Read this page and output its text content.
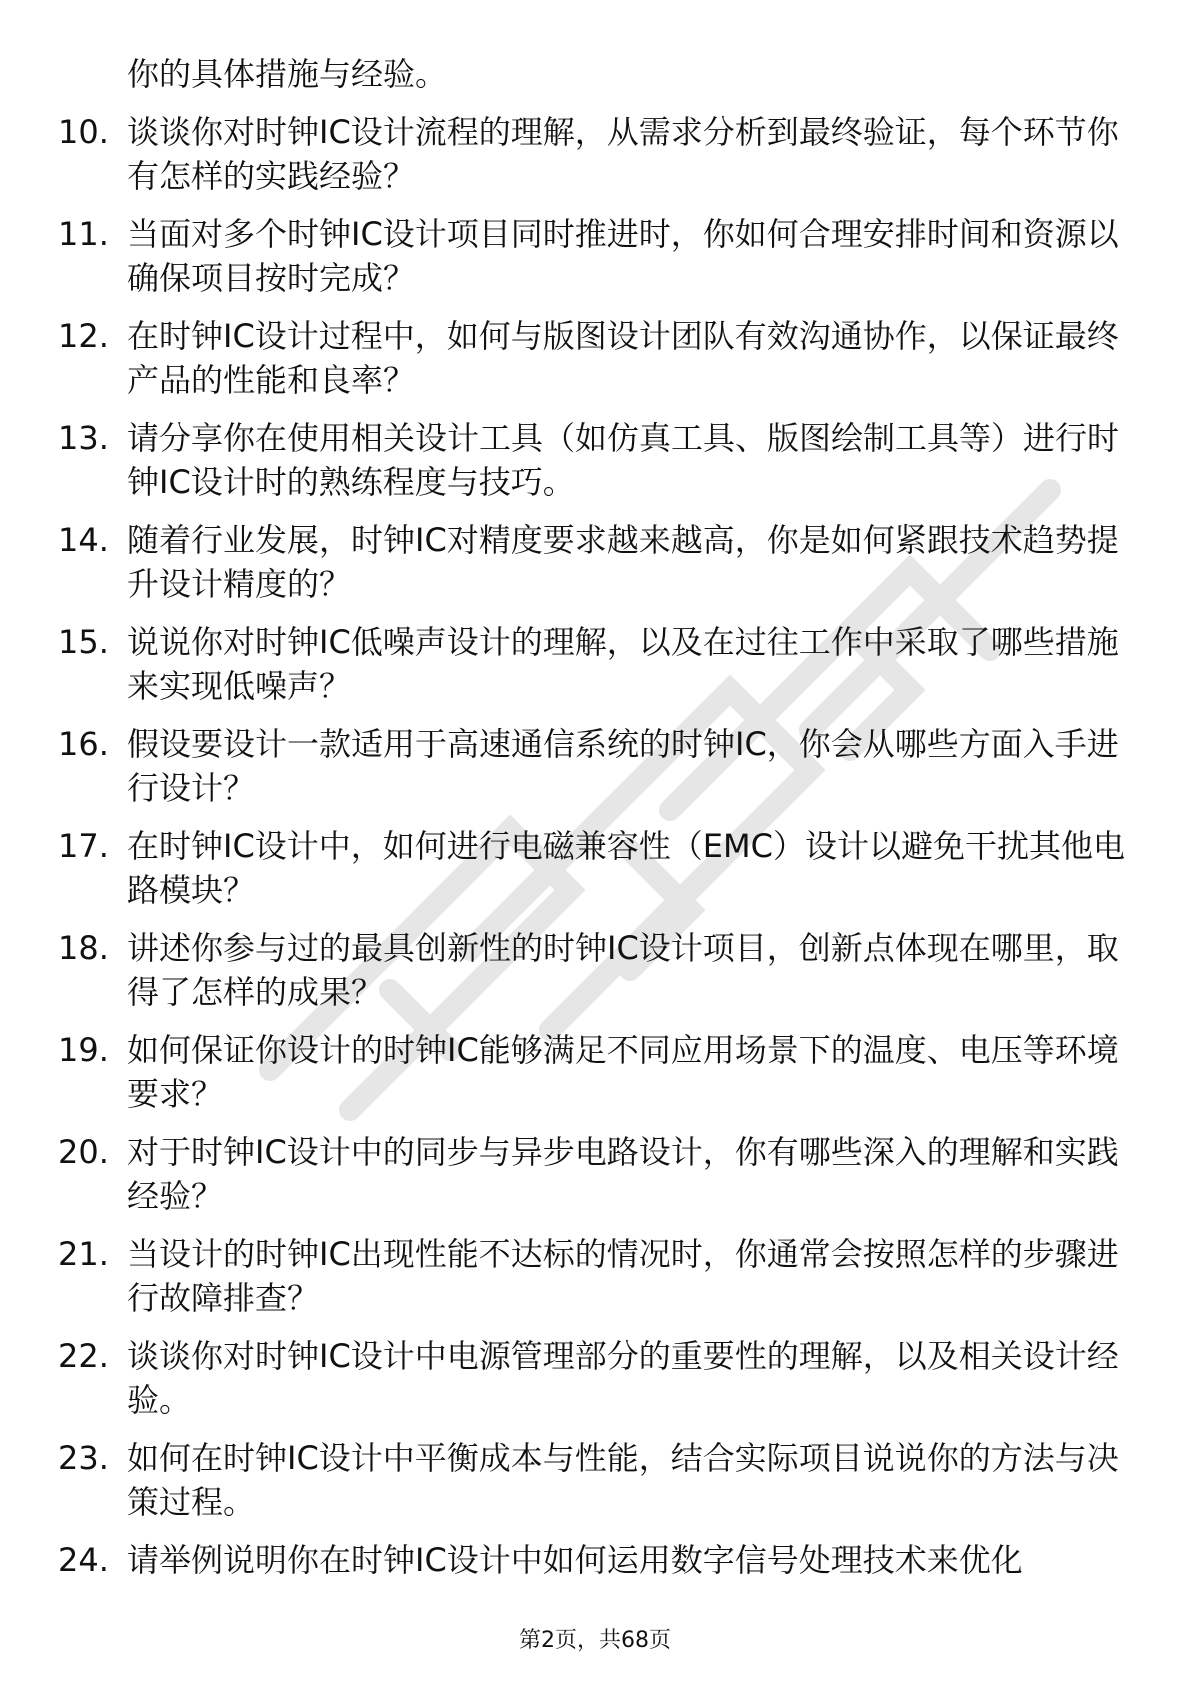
你的具体措施与经验。
10. 谈谈你对时钟IC设计流程的理解，从需求分析到最终验证，每个环节你有怎样的实践经验？
11. 当面对多个时钟IC设计项目同时推进时，你如何合理安排时间和资源以确保项目按时完成？
12. 在时钟IC设计过程中，如何与版图设计团队有效沟通协作，以保证最终产品的性能和良率？
13. 请分享你在使用相关设计工具（如仿真工具、版图绘制工具等）进行时钟IC设计时的熟练程度与技巧。
14. 随着行业发展，时钟IC对精度要求越来越高，你是如何紧跟技术趋势提升设计精度的？
15. 说说你对时钟IC低噪声设计的理解，以及在过往工作中采取了哪些措施来实现低噪声？
16. 假设要设计一款适用于高速通信系统的时钟IC，你会从哪些方面入手进行设计？
17. 在时钟IC设计中，如何进行电磁兼容性（EMC）设计以避免干扰其他电路模块？
18. 讲述你参与过的最具创新性的时钟IC设计项目，创新点体现在哪里，取得了怎样的成果？
19. 如何保证你设计的时钟IC能够满足不同应用场景下的温度、电压等环境要求？
20. 对于时钟IC设计中的同步与异步电路设计，你有哪些深入的理解和实践经验？
21. 当设计的时钟IC出现性能不达标的情况时，你通常会按照怎样的步骤进行故障排查？
22. 谈谈你对时钟IC设计中电源管理部分的重要性的理解，以及相关设计经验。
23. 如何在时钟IC设计中平衡成本与性能，结合实际项目说说你的方法与决策过程。
24. 请举例说明你在时钟IC设计中如何运用数字信号处理技术来优化
第2页，共68页
